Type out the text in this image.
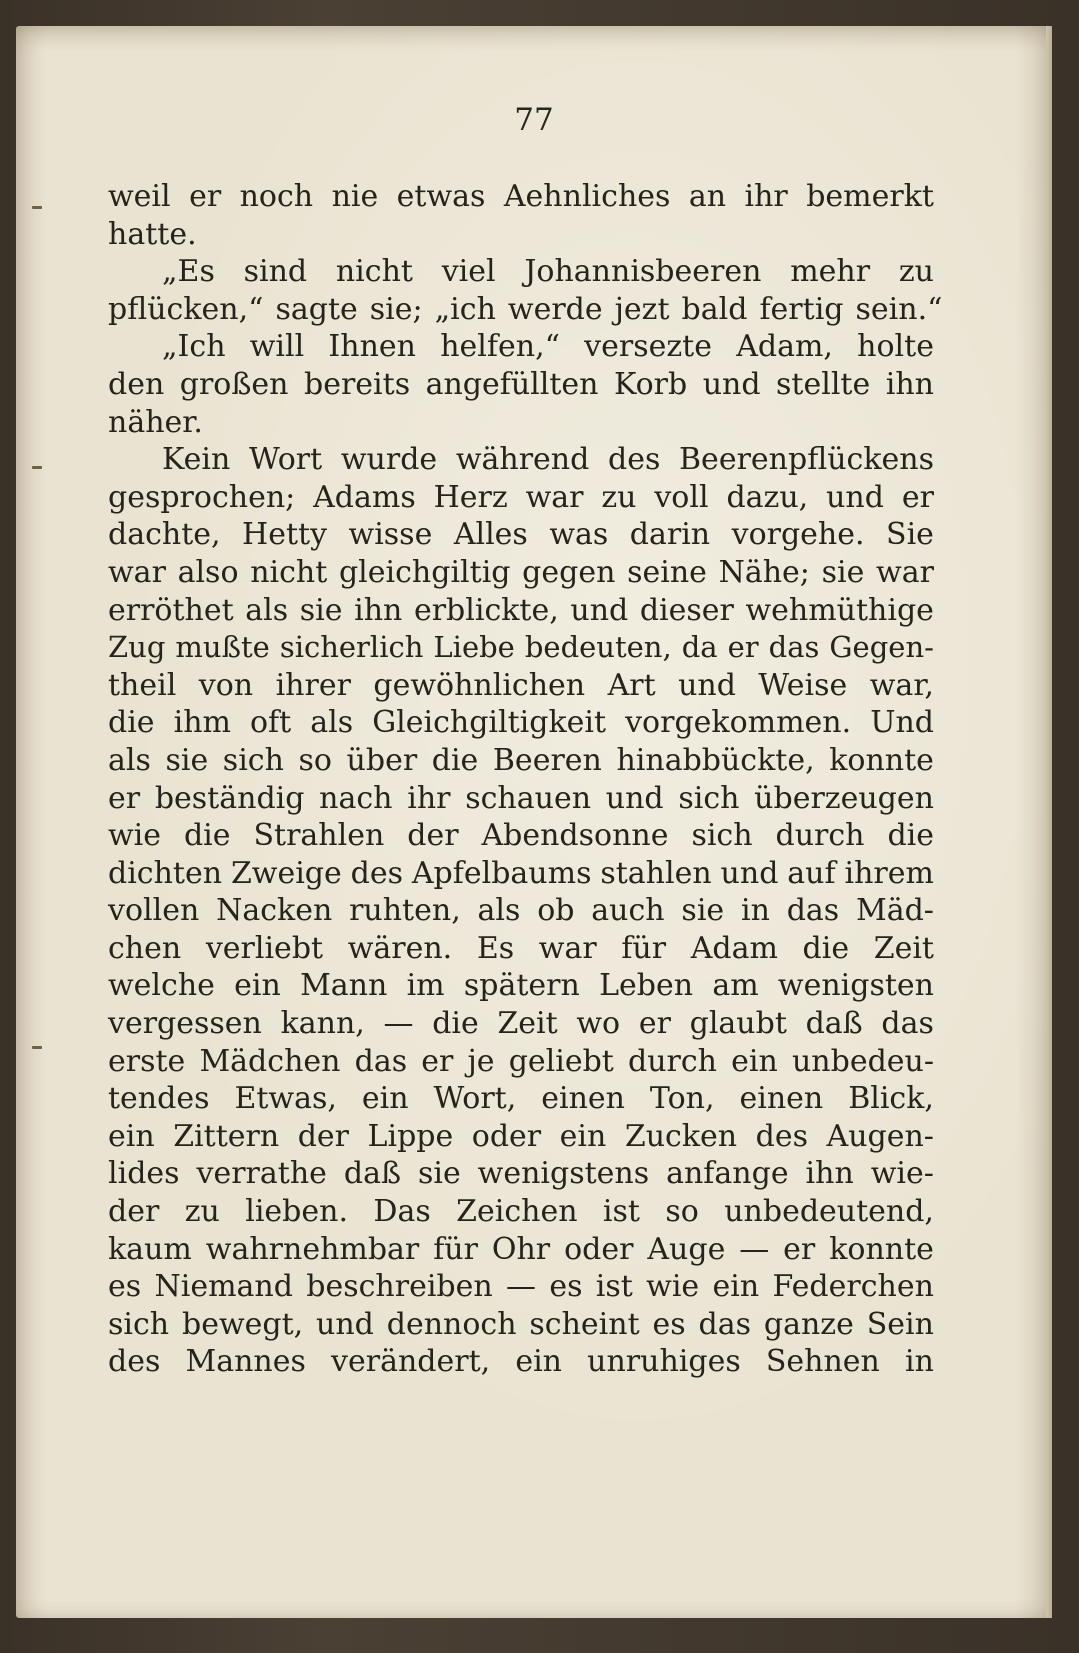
77
weil er noch nie etwas Aehnliches an ihr bemerkt
hatte.
„Es sind nicht viel Johannisbeeren mehr zu
pflücken,“ sagte sie; „ich werde jezt bald fertig sein.“
„Ich will Ihnen helfen,“ versezte Adam, holte
den großen bereits angefüllten Korb und stellte ihn
näher.
Kein Wort wurde während des Beerenpflückens
gesprochen; Adams Herz war zu voll dazu, und er
dachte, Hetty wisse Alles was darin vorgehe. Sie
war also nicht gleichgiltig gegen seine Nähe; sie war
erröthet als sie ihn erblickte, und dieser wehmüthige
Zug mußte sicherlich Liebe bedeuten, da er das Gegen-
theil von ihrer gewöhnlichen Art und Weise war,
die ihm oft als Gleichgiltigkeit vorgekommen. Und
als sie sich so über die Beeren hinabbückte, konnte
er beständig nach ihr schauen und sich überzeugen
wie die Strahlen der Abendsonne sich durch die
dichten Zweige des Apfelbaums stahlen und auf ihrem
vollen Nacken ruhten, als ob auch sie in das Mäd-
chen verliebt wären. Es war für Adam die Zeit
welche ein Mann im spätern Leben am wenigsten
vergessen kann, — die Zeit wo er glaubt daß das
erste Mädchen das er je geliebt durch ein unbedeu-
tendes Etwas, ein Wort, einen Ton, einen Blick,
ein Zittern der Lippe oder ein Zucken des Augen-
lides verrathe daß sie wenigstens anfange ihn wie-
der zu lieben. Das Zeichen ist so unbedeutend,
kaum wahrnehmbar für Ohr oder Auge — er konnte
es Niemand beschreiben — es ist wie ein Federchen
sich bewegt, und dennoch scheint es das ganze Sein
des Mannes verändert, ein unruhiges Sehnen in
